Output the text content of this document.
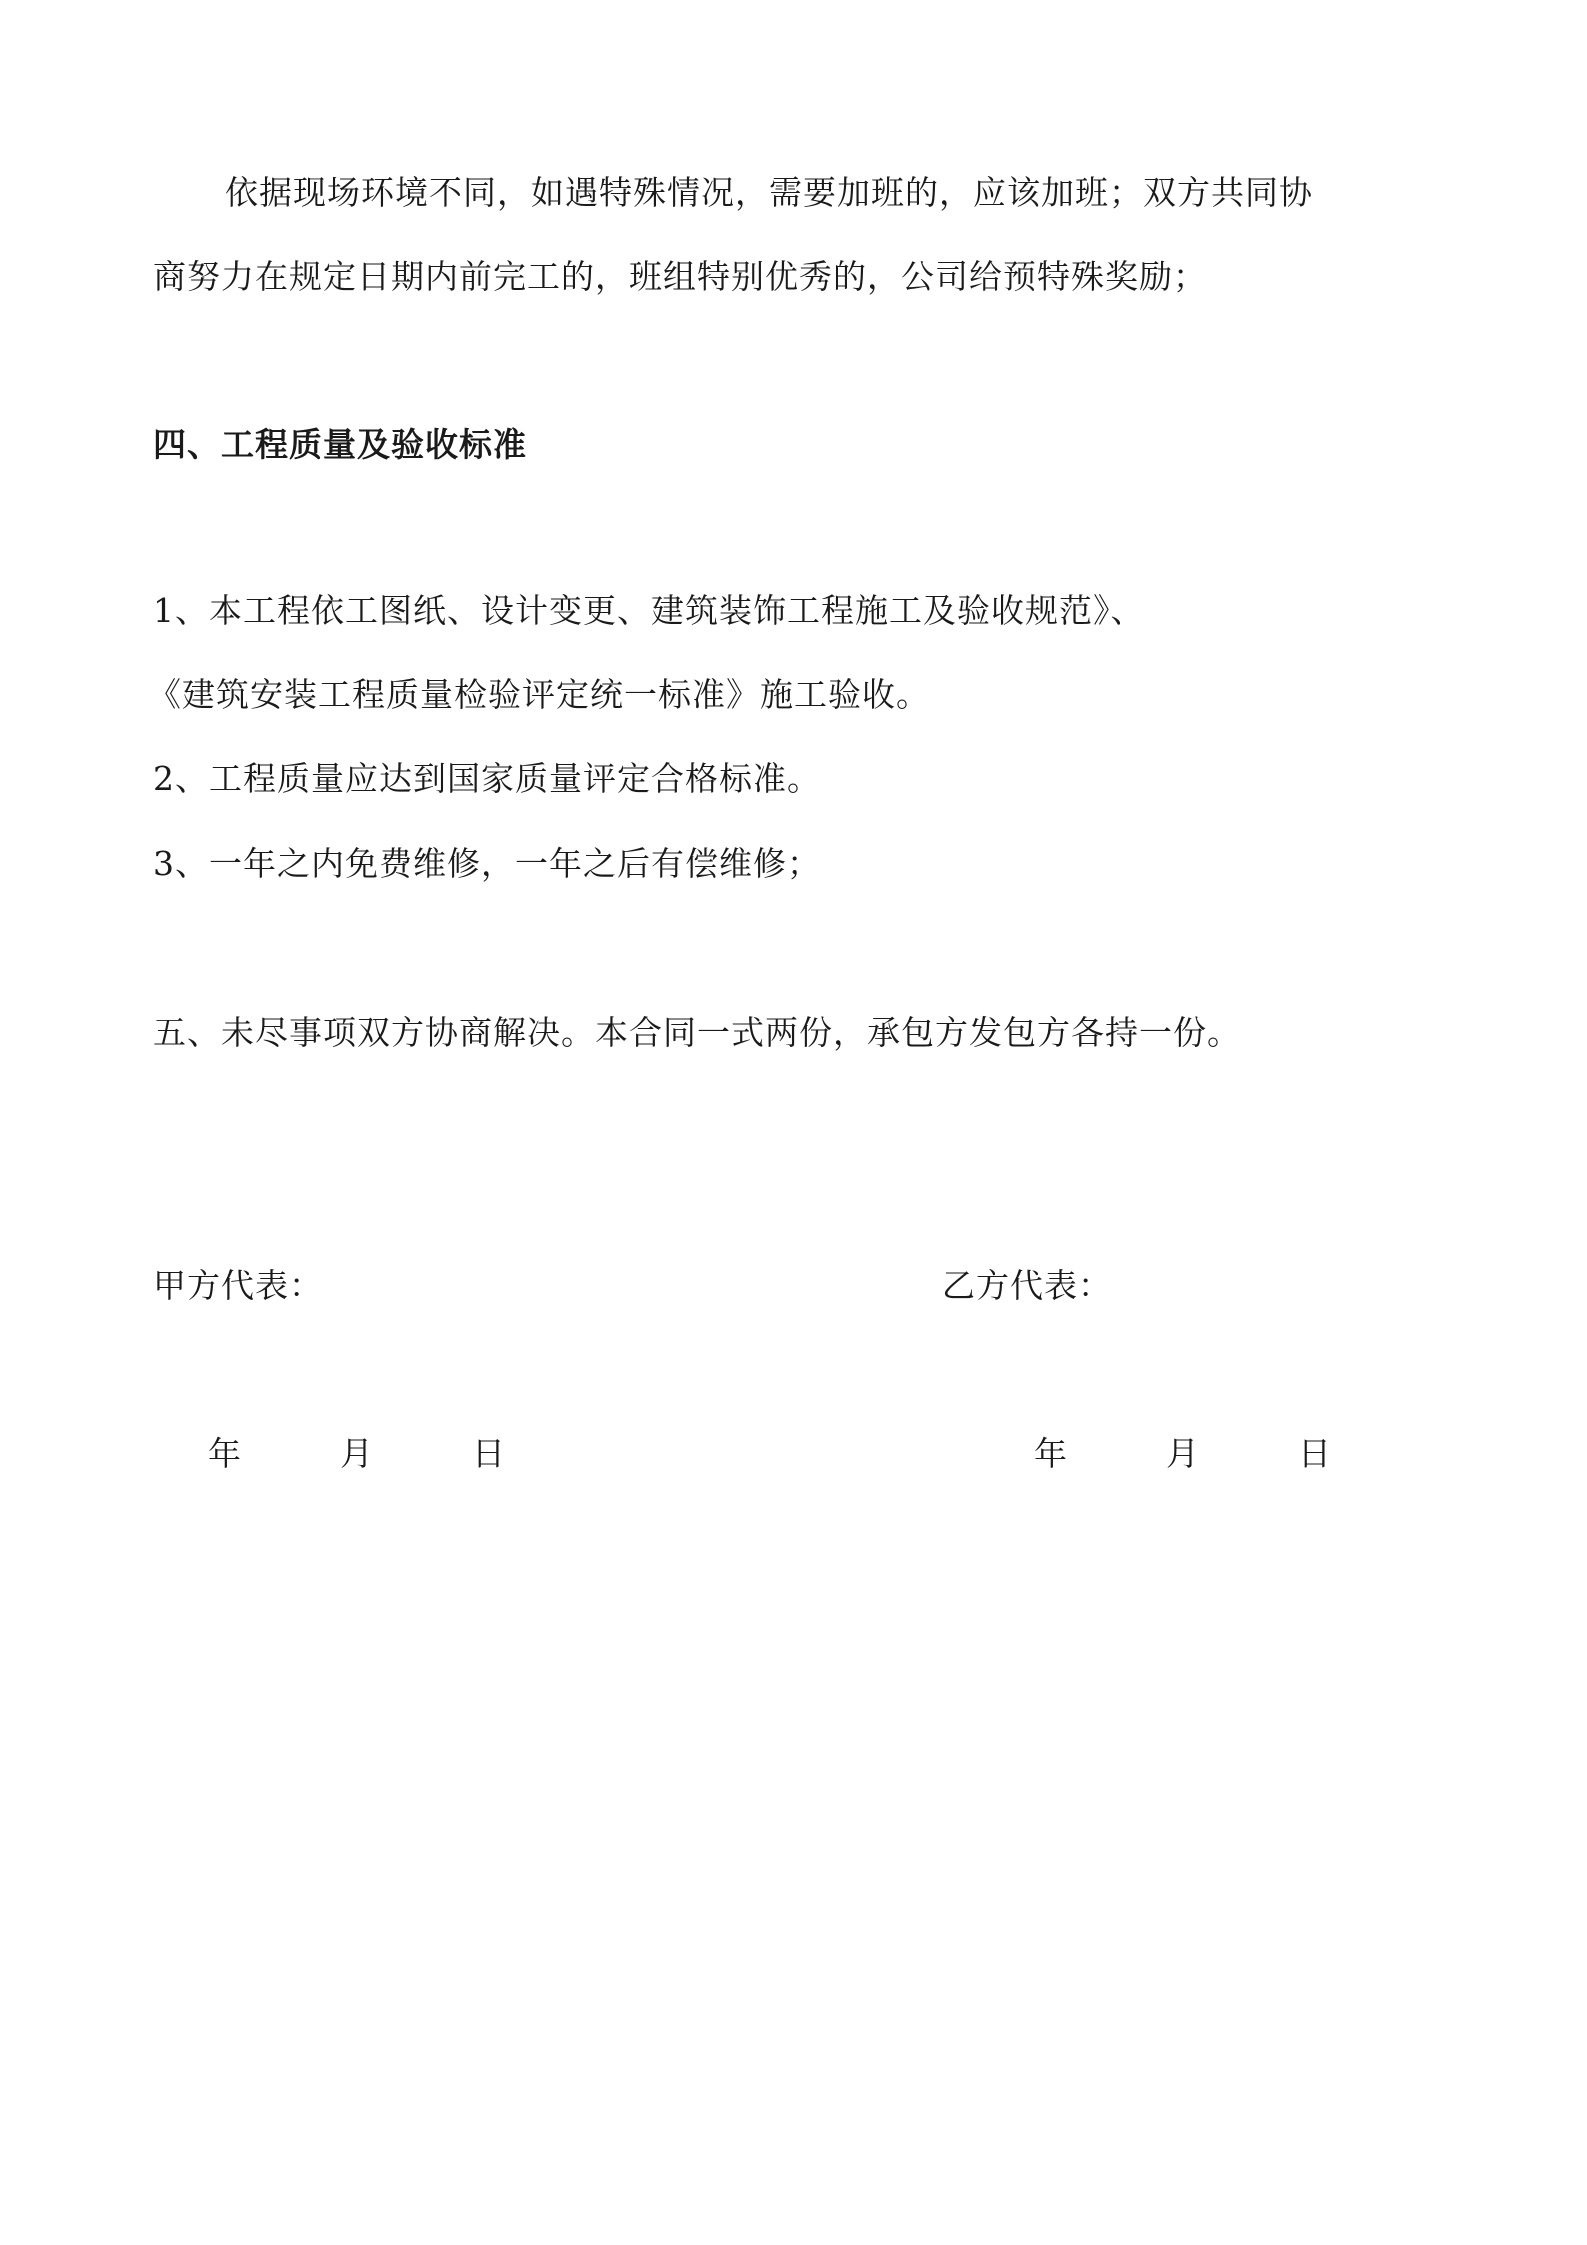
依据现场环境不同，如遇特殊情况，需要加班的，应该加班；双方共同协
商努力在规定日期内前完工的，班组特别优秀的，公司给预特殊奖励；
四、工程质量及验收标准
1、本工程依工图纸、设计变更、建筑装饰工程施工及验收规范》、
《建筑安装工程质量检验评定统一标准》施工验收。
2、工程质量应达到国家质量评定合格标准。
3、一年之内免费维修，一年之后有偿维修；
五、未尽事项双方协商解决。本合同一式两份，承包方发包方各持一份。
甲方代表：	乙方代表：
年	月	日	年	月	日
